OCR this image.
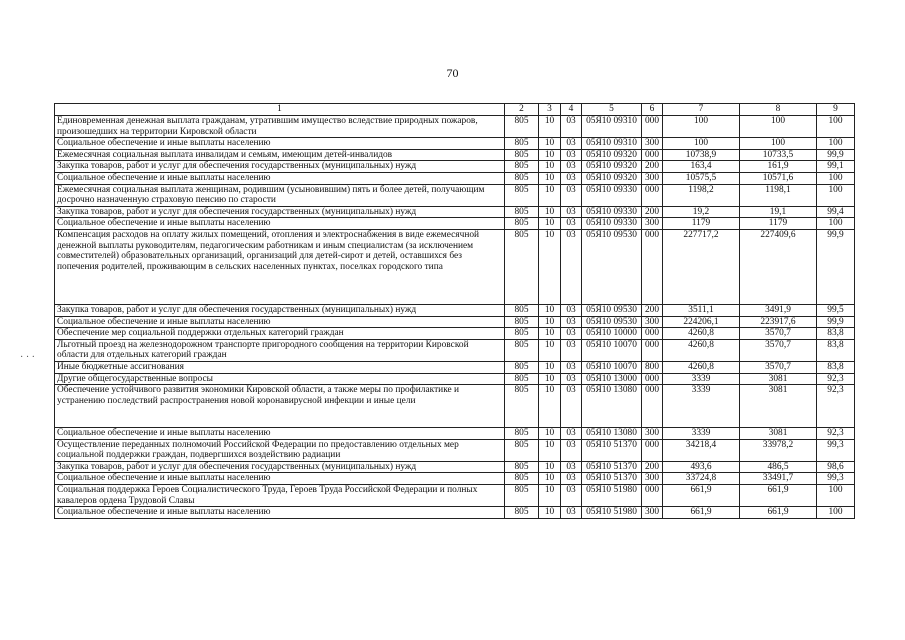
70
· · ·
1	2	3	4	5	6	7	8	9
Единовременная денежная выплата гражданам, утратившим имущество вследствие природных пожаров, произошедших на территории Кировской области	805	10	03	05Я10 09310	000	100	100	100
Социальное обеспечение и иные выплаты населению	805	10	03	05Я10 09310	300	100	100	100
Ежемесячная социальная выплата инвалидам и семьям, имеющим детей-инвалидов	805	10	03	05Я10 09320	000	10738,9	10733,5	99,9
Закупка товаров, работ и услуг для обеспечения государственных (муниципальных) нужд	805	10	03	05Я10 09320	200	163,4	161,9	99,1
Социальное обеспечение и иные выплаты населению	805	10	03	05Я10 09320	300	10575,5	10571,6	100
Ежемесячная социальная выплата женщинам, родившим (усыновившим) пять и более детей, получающим досрочно назначенную страховую пенсию по старости	805	10	03	05Я10 09330	000	1198,2	1198,1	100
Закупка товаров, работ и услуг для обеспечения государственных (муниципальных) нужд	805	10	03	05Я10 09330	200	19,2	19,1	99,4
Социальное обеспечение и иные выплаты населению	805	10	03	05Я10 09330	300	1179	1179	100
Компенсация расходов на оплату жилых помещений, отопления и электроснабжения в виде ежемесячной денежной выплаты руководителям, педагогическим работникам и иным специалистам (за исключением совместителей) образовательных организаций, организаций для детей-сирот и детей, оставшихся без попечения родителей, проживающим в сельских населенных пунктах, поселках городского типа	805	10	03	05Я10 09530	000	227717,2	227409,6	99,9
Закупка товаров, работ и услуг для обеспечения государственных (муниципальных) нужд	805	10	03	05Я10 09530	200	3511,1	3491,9	99,5
Социальное обеспечение и иные выплаты населению	805	10	03	05Я10 09530	300	224206,1	223917,6	99,9
Обеспечение мер социальной поддержки отдельных категорий граждан	805	10	03	05Я10 10000	000	4260,8	3570,7	83,8
Льготный проезд на железнодорожном транспорте пригородного сообщения на территории Кировской области для отдельных категорий граждан	805	10	03	05Я10 10070	000	4260,8	3570,7	83,8
Иные бюджетные ассигнования	805	10	03	05Я10 10070	800	4260,8	3570,7	83,8
Другие общегосударственные вопросы	805	10	03	05Я10 13000	000	3339	3081	92,3
Обеспечение устойчивого развития экономики Кировской области, а также меры по профилактике и устранению последствий распространения новой коронавирусной инфекции и иные цели	805	10	03	05Я10 13080	000	3339	3081	92,3
Социальное обеспечение и иные выплаты населению	805	10	03	05Я10 13080	300	3339	3081	92,3
Осуществление переданных полномочий Российской Федерации по предоставлению отдельных мер социальной поддержки граждан, подвергшихся воздействию радиации	805	10	03	05Я10 51370	000	34218,4	33978,2	99,3
Закупка товаров, работ и услуг для обеспечения государственных (муниципальных) нужд	805	10	03	05Я10 51370	200	493,6	486,5	98,6
Социальное обеспечение и иные выплаты населению	805	10	03	05Я10 51370	300	33724,8	33491,7	99,3
Социальная поддержка Героев Социалистического Труда, Героев Труда Российской Федерации и полных кавалеров ордена Трудовой Славы	805	10	03	05Я10 51980	000	661,9	661,9	100
Социальное обеспечение и иные выплаты населению	805	10	03	05Я10 51980	300	661,9	661,9	100
